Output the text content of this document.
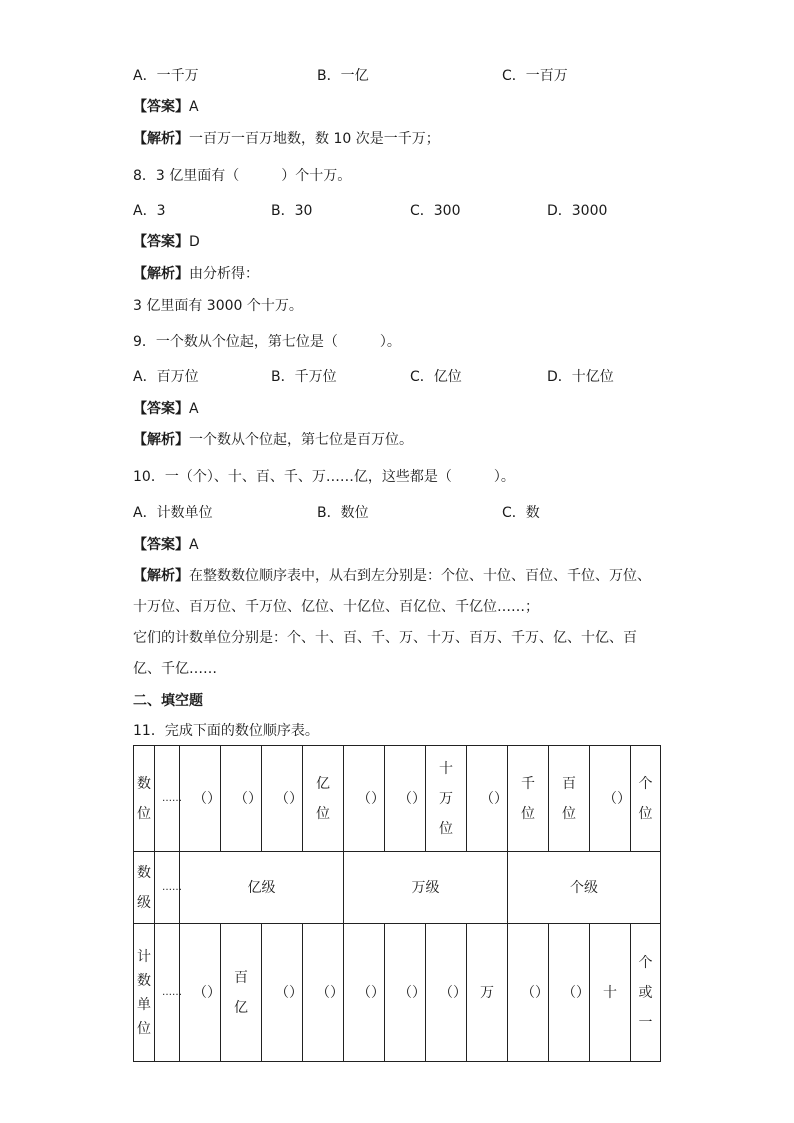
A．一千万	B．一亿	C．一百万
【答案】A
【解析】一百万一百万地数，数 10 次是一千万；
8．3 亿里面有（　　　）个十万。
A．3	B．30	C．300	D．3000
【答案】D
【解析】由分析得：
3 亿里面有 3000 个十万。
9．一个数从个位起，第七位是（　　　）。
A．百万位	B．千万位	C．亿位	D．十亿位
【答案】A
【解析】一个数从个位起，第七位是百万位。
10．一（个）、十、百、千、万……亿，这些都是（　　　）。
A．计数单位	B．数位	C．数
【答案】A
【解析】在整数数位顺序表中，从右到左分别是：个位、十位、百位、千位、万位、
十万位、百万位、千万位、亿位、十亿位、百亿位、千亿位……；
它们的计数单位分别是：个、十、百、千、万、十万、百万、千万、亿、十亿、百
亿、千亿……
二、填空题
11．完成下面的数位顺序表。
数位	……	（）	（）	（）	亿位	（）	（）	十万位	（）	千位	百位	（）	个位
数级	……	亿级				万级				个级			
计数单位	……	（）	百亿	（）	（）	（）	（）	（）	万	（）	（）	十	个或一
